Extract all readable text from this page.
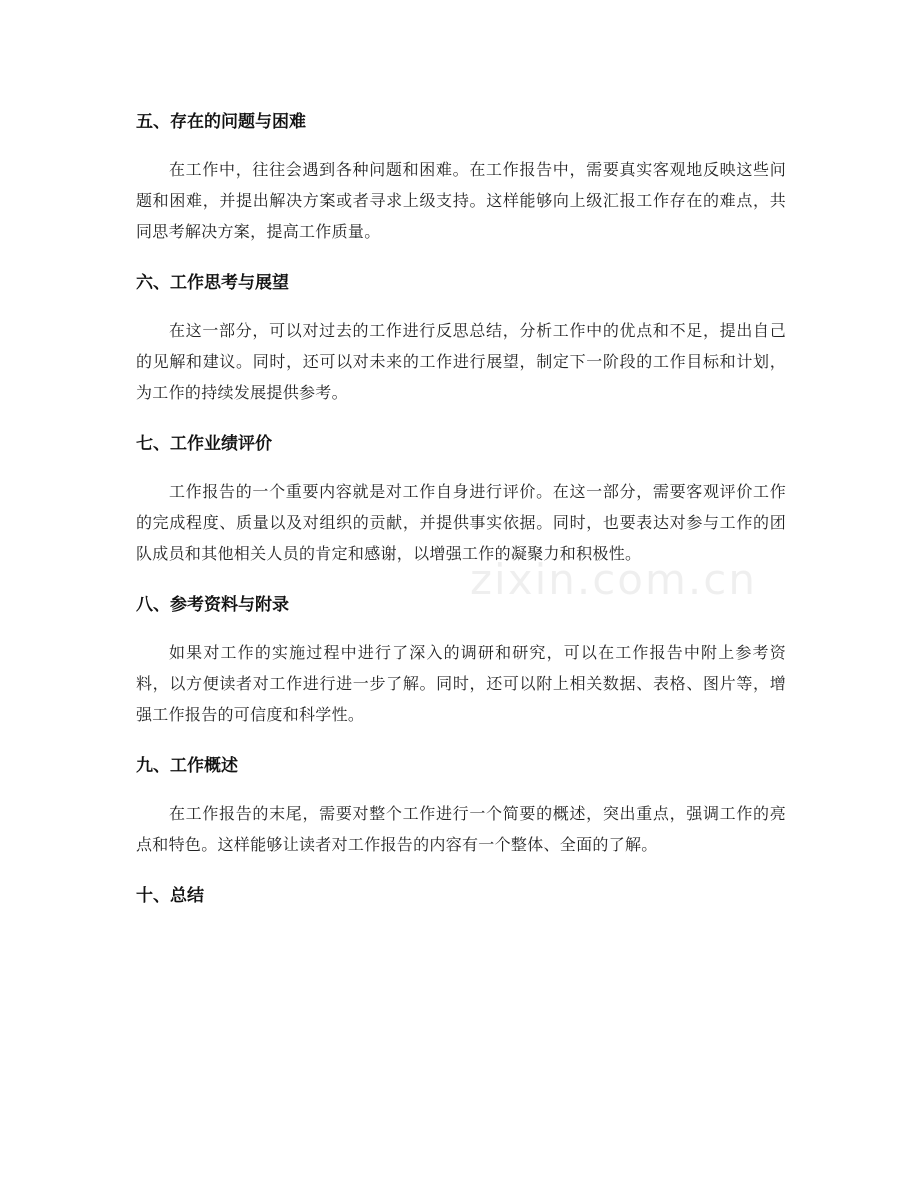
五、存在的问题与困难

在工作中，往往会遇到各种问题和困难。在工作报告中，需要真实客观地反映这些问题和困难，并提出解决方案或者寻求上级支持。这样能够向上级汇报工作存在的难点，共同思考解决方案，提高工作质量。

六、工作思考与展望

在这一部分，可以对过去的工作进行反思总结，分析工作中的优点和不足，提出自己的见解和建议。同时，还可以对未来的工作进行展望，制定下一阶段的工作目标和计划，为工作的持续发展提供参考。

七、工作业绩评价

工作报告的一个重要内容就是对工作自身进行评价。在这一部分，需要客观评价工作的完成程度、质量以及对组织的贡献，并提供事实依据。同时，也要表达对参与工作的团队成员和其他相关人员的肯定和感谢，以增强工作的凝聚力和积极性。

八、参考资料与附录

如果对工作的实施过程中进行了深入的调研和研究，可以在工作报告中附上参考资料，以方便读者对工作进行进一步了解。同时，还可以附上相关数据、表格、图片等，增强工作报告的可信度和科学性。

九、工作概述

在工作报告的末尾，需要对整个工作进行一个简要的概述，突出重点，强调工作的亮点和特色。这样能够让读者对工作报告的内容有一个整体、全面的了解。

十、总结
zixin.com.cn
